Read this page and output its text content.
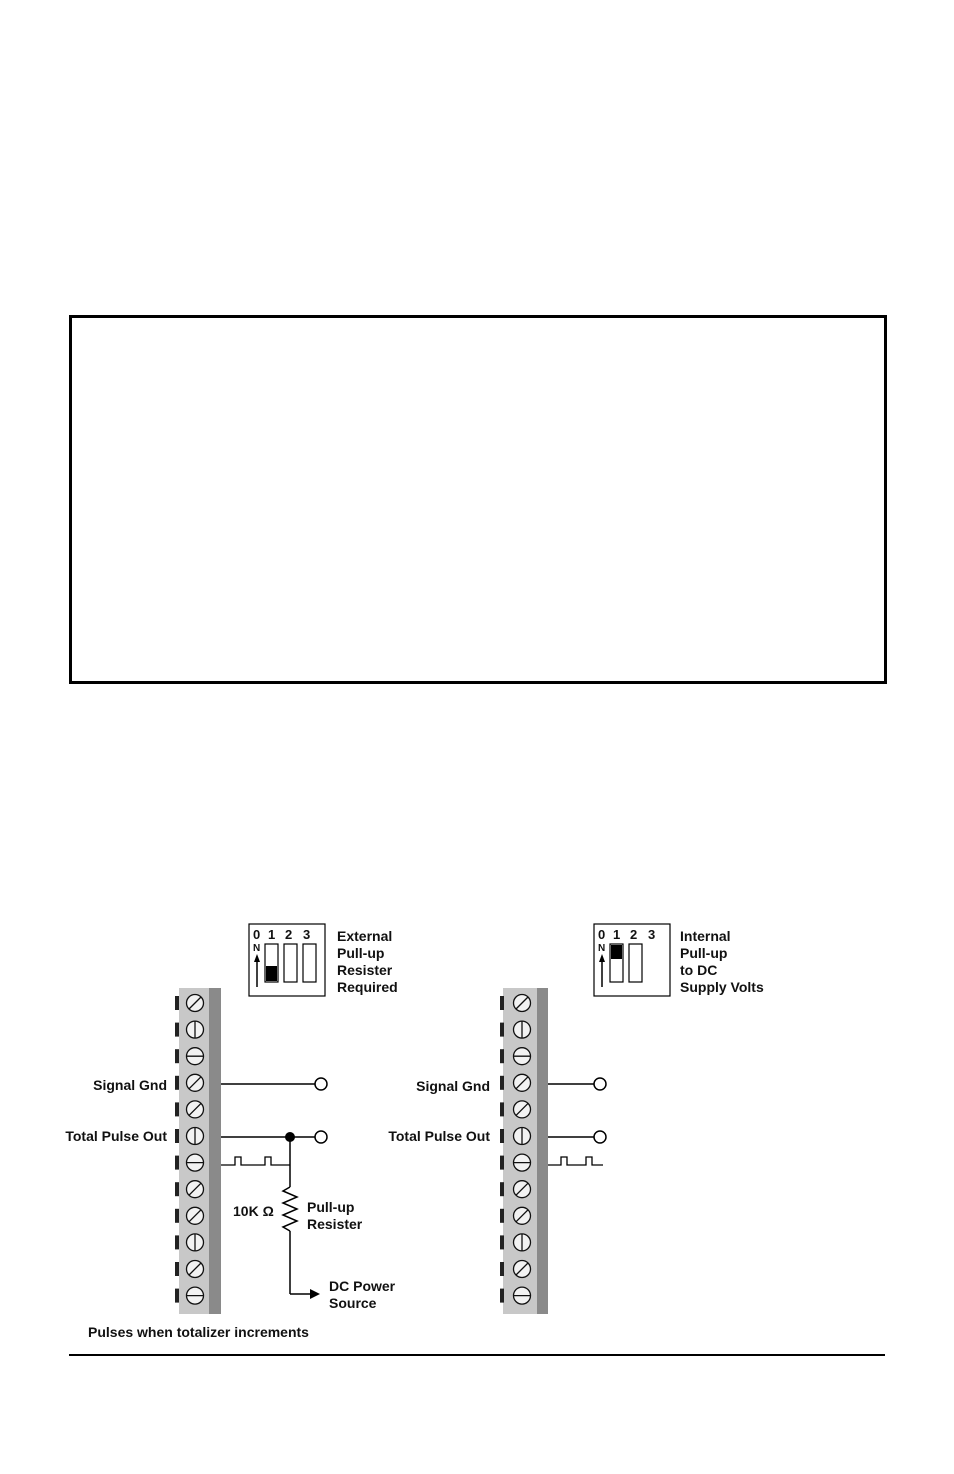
0 1 2 3
N
External
Pull-up
Resister
Required
Signal Gnd
Total Pulse Out
10K Ω Pull-up
Resister
DC Power
Source
Pulses when totalizer increments
0 1 2 3
N
Internal
Pull-up
to DC
Supply Volts
Signal Gnd
Total Pulse Out
